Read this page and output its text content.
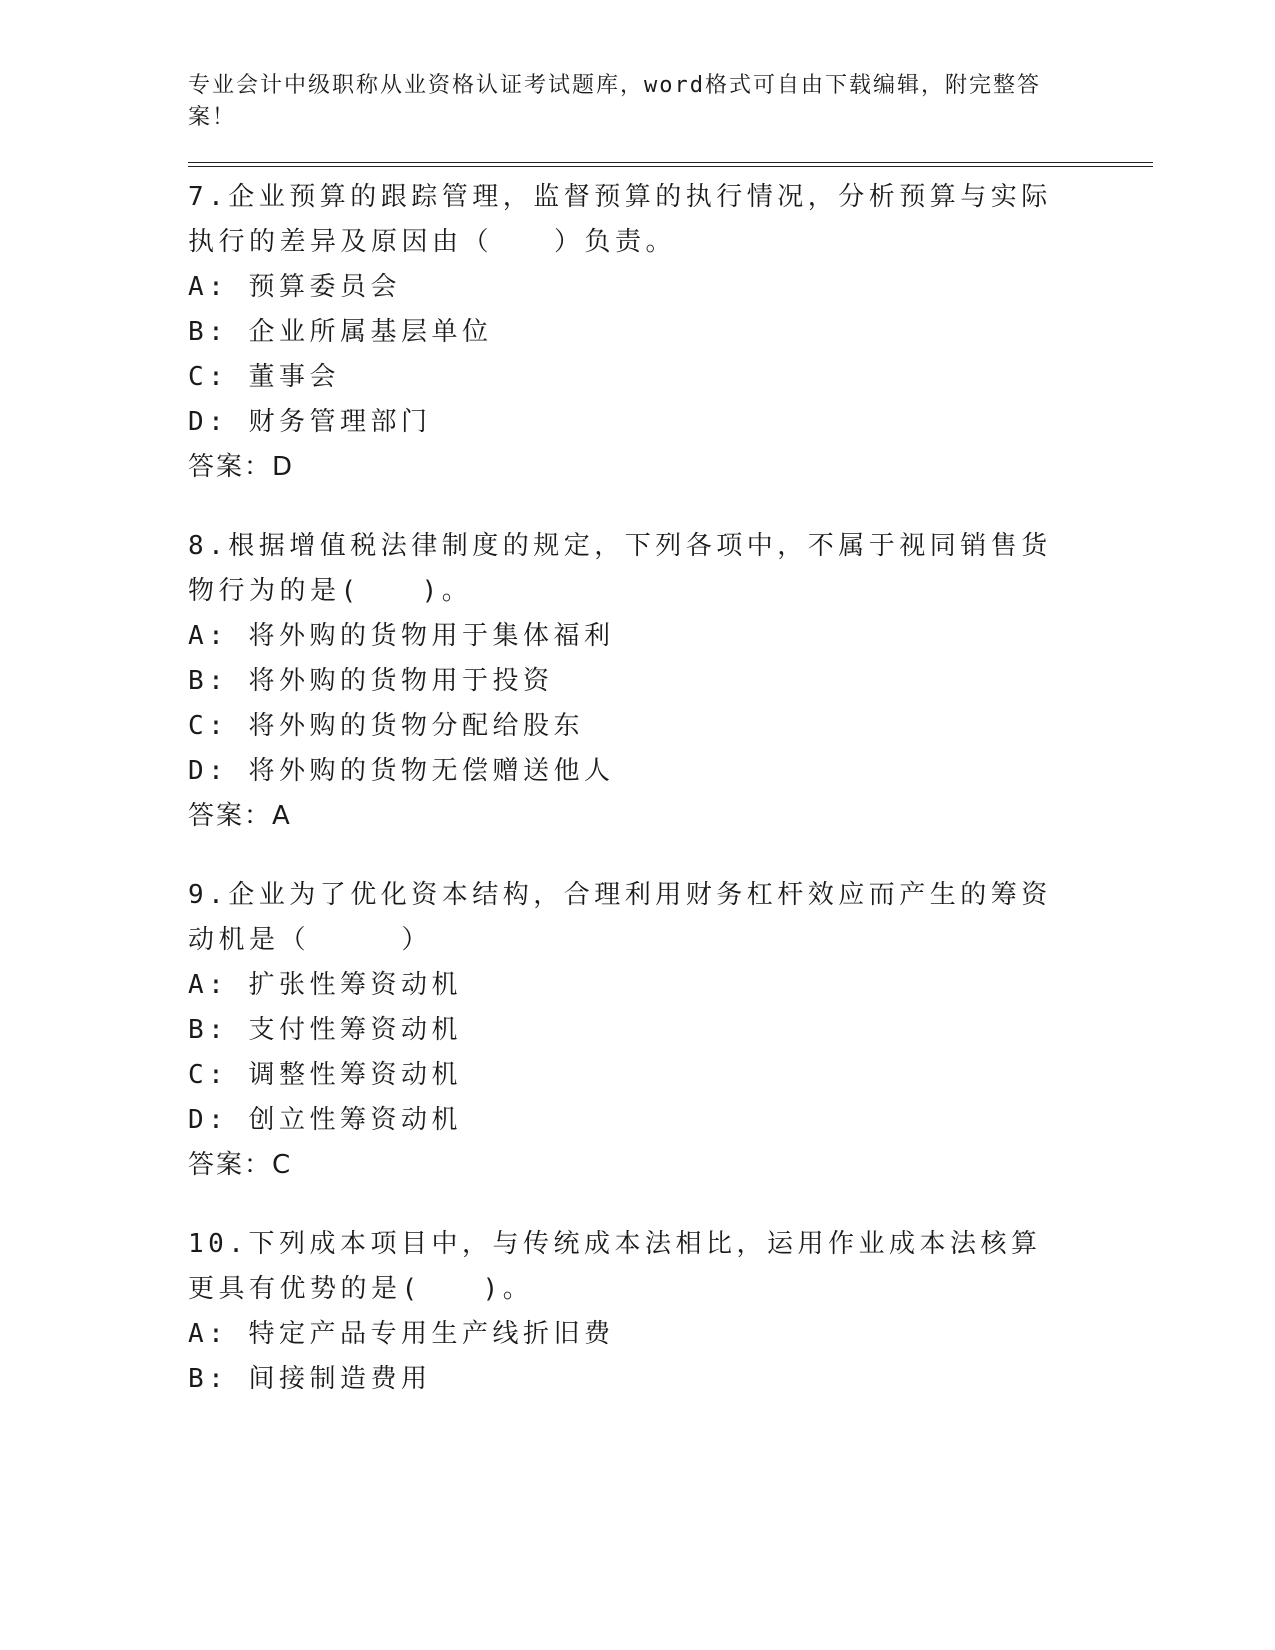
专业会计中级职称从业资格认证考试题库，word格式可自由下载编辑，附完整答案！
7.企业预算的跟踪管理，监督预算的执行情况，分析预算与实际执行的差异及原因由（　　）负责。
A: 预算委员会
B: 企业所属基层单位
C: 董事会
D: 财务管理部门
答案：D
8.根据增值税法律制度的规定，下列各项中，不属于视同销售货物行为的是(　　)。
A: 将外购的货物用于集体福利
B: 将外购的货物用于投资
C: 将外购的货物分配给股东
D: 将外购的货物无偿赠送他人
答案：A
9.企业为了优化资本结构，合理利用财务杠杆效应而产生的筹资动机是（　　　）
A: 扩张性筹资动机
B: 支付性筹资动机
C: 调整性筹资动机
D: 创立性筹资动机
答案：C
10.下列成本项目中，与传统成本法相比，运用作业成本法核算更具有优势的是(　　)。
A: 特定产品专用生产线折旧费
B: 间接制造费用
